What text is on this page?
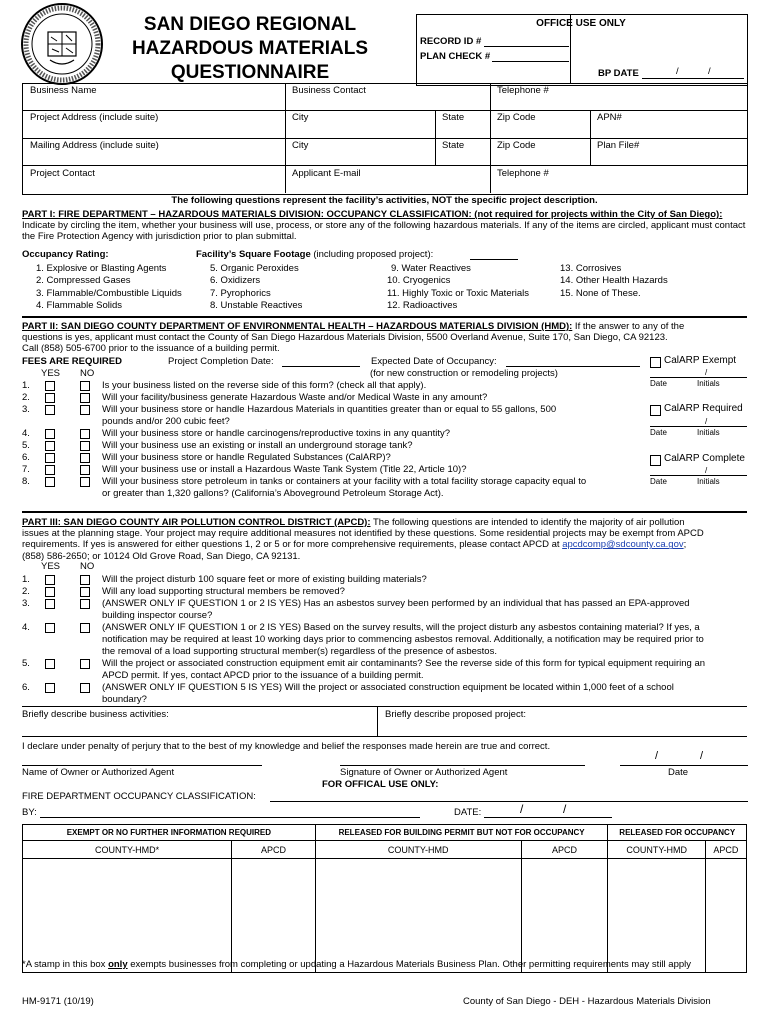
SAN DIEGO REGIONAL
HAZARDOUS MATERIALS
QUESTIONNAIRE
OFFICE USE ONLY
RECORD ID #
PLAN CHECK #
BP DATE	/	/
Business Name	Business Contact	Telephone #
Project Address (include suite)	City	State	Zip Code	APN#
Mailing Address (include suite)	City	State	Zip Code	Plan File#
Project Contact	Applicant E-mail	Telephone #
The following questions represent the facility’s activities, NOT the specific project description.
PART I: FIRE DEPARTMENT – HAZARDOUS MATERIALS DIVISION: OCCUPANCY CLASSIFICATION: (not required for projects within the City of San Diego): Indicate by circling the item, whether your business will use, process, or store any of the following hazardous materials. If any of the items are circled, applicant must contact the Fire Protection Agency with jurisdiction prior to plan submittal.
Occupancy Rating:	Facility’s Square Footage (including proposed project):
1. Explosive or Blasting Agents
2. Compressed Gases
3. Flammable/Combustible Liquids
4. Flammable Solids
5. Organic Peroxides
6. Oxidizers
7. Pyrophorics
8. Unstable Reactives
9. Water Reactives
10. Cryogenics
11. Highly Toxic or Toxic Materials
12. Radioactives
13. Corrosives
14. Other Health Hazards
15. None of These.
PART II: SAN DIEGO COUNTY DEPARTMENT OF ENVIRONMENTAL HEALTH – HAZARDOUS MATERIALS DIVISION (HMD): If the answer to any of the
questions is yes, applicant must contact the County of San Diego Hazardous Materials Division, 5500 Overland Avenue, Suite 170, San Diego, CA 92123.
Call (858) 505-6700 prior to the issuance of a building permit.
FEES ARE REQUIRED	Project Completion Date:	Expected Date of Occupancy:
(for new construction or remodeling projects)
YES NO
1.	Is your business listed on the reverse side of this form? (check all that apply).
2.	Will your facility/business generate Hazardous Waste and/or Medical Waste in any amount?
3.	Will your business store or handle Hazardous Materials in quantities greater than or equal to 55 gallons, 500
pounds and/or 200 cubic feet?
4.	Will your business store or handle carcinogens/reproductive toxins in any quantity?
5.	Will your business use an existing or install an underground storage tank?
6.	Will your business store or handle Regulated Substances (CalARP)?
7.	Will your business use or install a Hazardous Waste Tank System (Title 22, Article 10)?
8.	Will your business store petroleum in tanks or containers at your facility with a total facility storage capacity equal to
or greater than 1,320 gallons? (California’s Aboveground Petroleum Storage Act).
CalARP Exempt
/
Date	Initials
CalARP Required
/
Date	Initials
CalARP Complete
/
Date	Initials
PART III: SAN DIEGO COUNTY AIR POLLUTION CONTROL DISTRICT (APCD): The following questions are intended to identify the majority of air pollution
issues at the planning stage. Your project may require additional measures not identified by these questions. Some residential projects may be exempt from APCD
requirements. If yes is answered for either questions 1, 2 or 5 or for more comprehensive requirements, please contact APCD at apcdcomp@sdcounty.ca.gov;
(858) 586-2650; or 10124 Old Grove Road, San Diego, CA 92131.
YES NO
1.	Will the project disturb 100 square feet or more of existing building materials?
2.	Will any load supporting structural members be removed?
3.	(ANSWER ONLY IF QUESTION 1 or 2 IS YES) Has an asbestos survey been performed by an individual that has passed an EPA-approved
building inspector course?
4.	(ANSWER ONLY IF QUESTION 1 or 2 IS YES) Based on the survey results, will the project disturb any asbestos containing material? If yes, a
notification may be required at least 10 working days prior to commencing asbestos removal. Additionally, a notification may be required prior to
the removal of a load supporting structural member(s) regardless of the presence of asbestos.
5.	Will the project or associated construction equipment emit air contaminants? See the reverse side of this form for typical equipment requiring an
APCD permit. If yes, contact APCD prior to the issuance of a building permit.
6.	(ANSWER ONLY IF QUESTION 5 IS YES) Will the project or associated construction equipment be located within 1,000 feet of a school
boundary?
Briefly describe business activities:	Briefly describe proposed project:
I declare under penalty of perjury that to the best of my knowledge and belief the responses made herein are true and correct.
/	/
Name of Owner or Authorized Agent	Signature of Owner or Authorized Agent	Date
FOR OFFICAL USE ONLY:
FIRE DEPARTMENT OCCUPANCY CLASSIFICATION:
BY:	DATE:	/	/
EXEMPT OR NO FURTHER INFORMATION REQUIRED		RELEASED FOR BUILDING PERMIT BUT NOT FOR OCCUPANCY		RELEASED FOR OCCUPANCY	
COUNTY-HMD*	APCD	COUNTY-HMD	APCD	COUNTY-HMD	APCD

*A stamp in this box only exempts businesses from completing or updating a Hazardous Materials Business Plan. Other permitting requirements may still apply
HM-9171 (10/19)	County of San Diego - DEH - Hazardous Materials Division
